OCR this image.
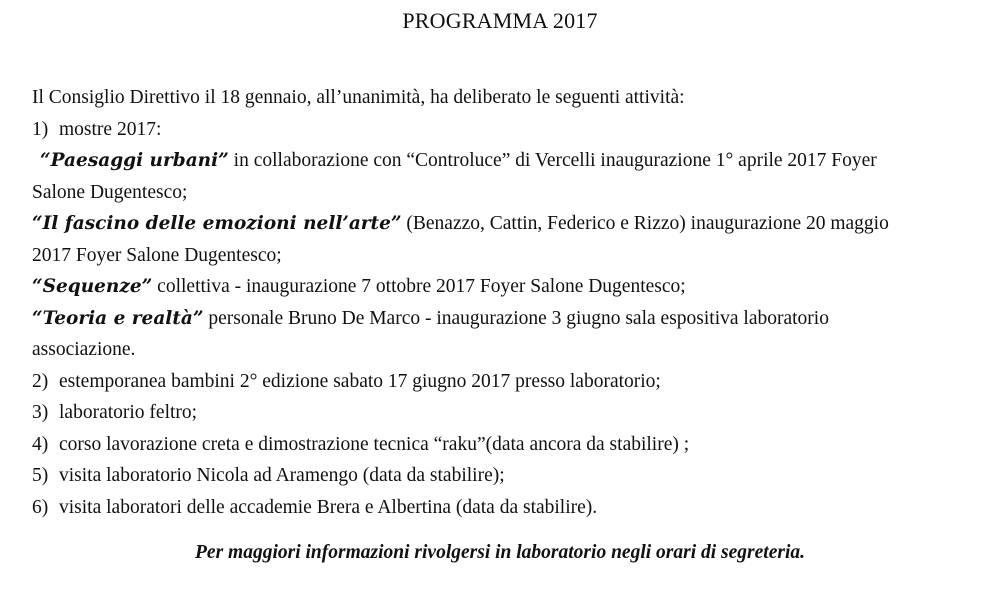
PROGRAMMA 2017
Il Consiglio Direttivo il 18 gennaio, all’unanimità, ha deliberato le seguenti attività:
1) mostre 2017:
“Paesaggi urbani” in collaborazione con “Controluce” di Vercelli inaugurazione 1° aprile 2017 Foyer
Salone Dugentesco;
“Il fascino delle emozioni nell’arte” (Benazzo, Cattin, Federico e Rizzo) inaugurazione 20 maggio
2017 Foyer Salone Dugentesco;
“Sequenze” collettiva - inaugurazione 7 ottobre 2017 Foyer Salone Dugentesco;
“Teoria e realtà” personale Bruno De Marco - inaugurazione 3 giugno sala espositiva laboratorio
associazione.
2) estemporanea bambini 2° edizione sabato 17 giugno 2017 presso laboratorio;
3) laboratorio feltro;
4) corso lavorazione creta e dimostrazione tecnica “raku”(data ancora da stabilire) ;
5) visita laboratorio Nicola ad Aramengo (data da stabilire);
6) visita laboratori delle accademie Brera e Albertina (data da stabilire).
Per maggiori informazioni rivolgersi in laboratorio negli orari di segreteria.
